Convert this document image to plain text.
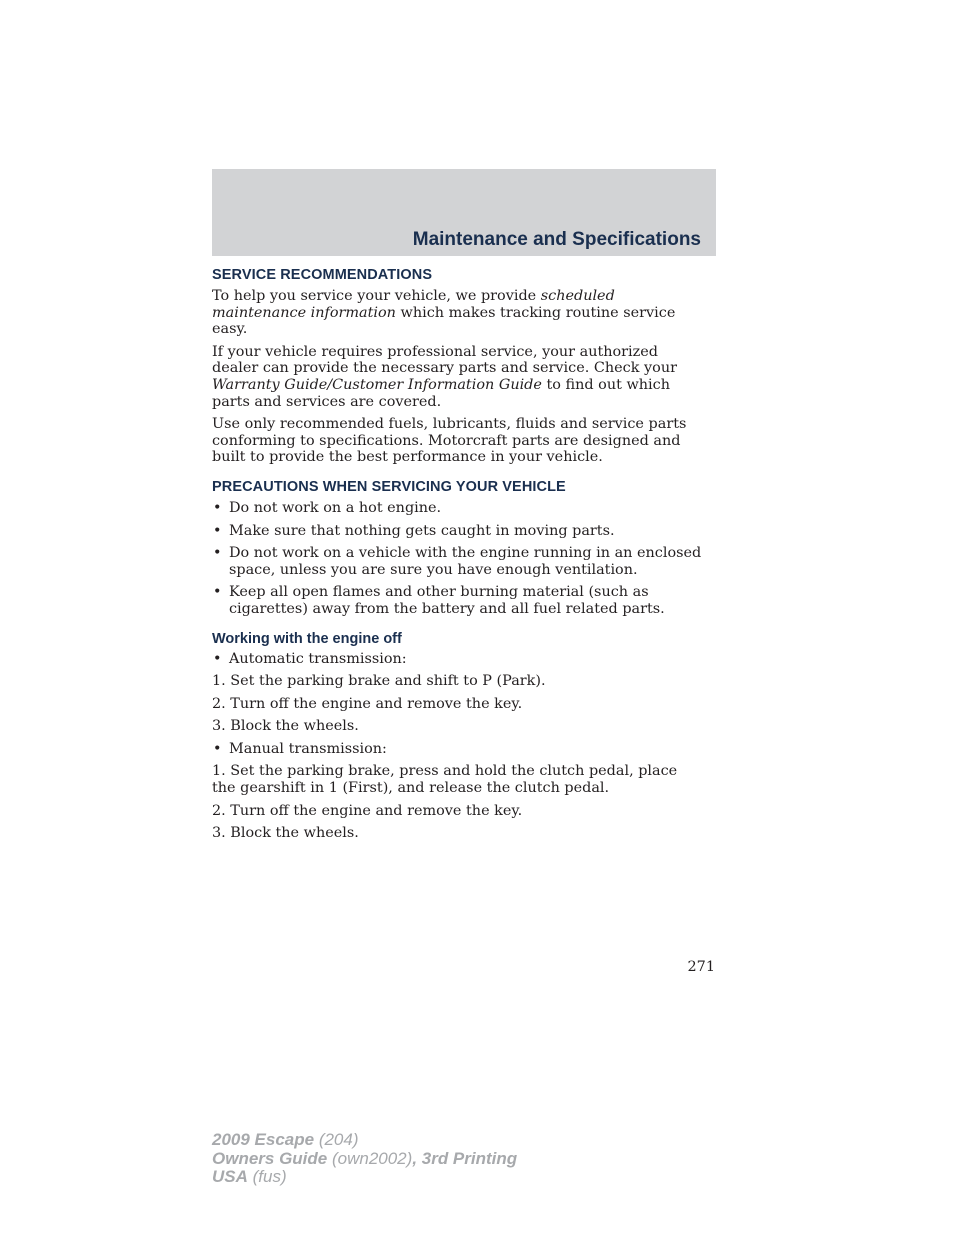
Maintenance and Specifications
SERVICE RECOMMENDATIONS

To help you service your vehicle, we provide scheduled maintenance information which makes tracking routine service easy.

If your vehicle requires professional service, your authorized dealer can provide the necessary parts and service. Check your Warranty Guide/Customer Information Guide to find out which parts and services are covered.

Use only recommended fuels, lubricants, fluids and service parts conforming to specifications. Motorcraft parts are designed and built to provide the best performance in your vehicle.

PRECAUTIONS WHEN SERVICING YOUR VEHICLE
• Do not work on a hot engine.
• Make sure that nothing gets caught in moving parts.
• Do not work on a vehicle with the engine running in an enclosed space, unless you are sure you have enough ventilation.
• Keep all open flames and other burning material (such as cigarettes) away from the battery and all fuel related parts.
Working with the engine off
• Automatic transmission:

1. Set the parking brake and shift to P (Park).

2. Turn off the engine and remove the key.

3. Block the wheels.

• Manual transmission:

1. Set the parking brake, press and hold the clutch pedal, place the gearshift in 1 (First), and release the clutch pedal.

2. Turn off the engine and remove the key.

3. Block the wheels.

271
2009 Escape (204)
Owners Guide (own2002), 3rd Printing
USA (fus)
